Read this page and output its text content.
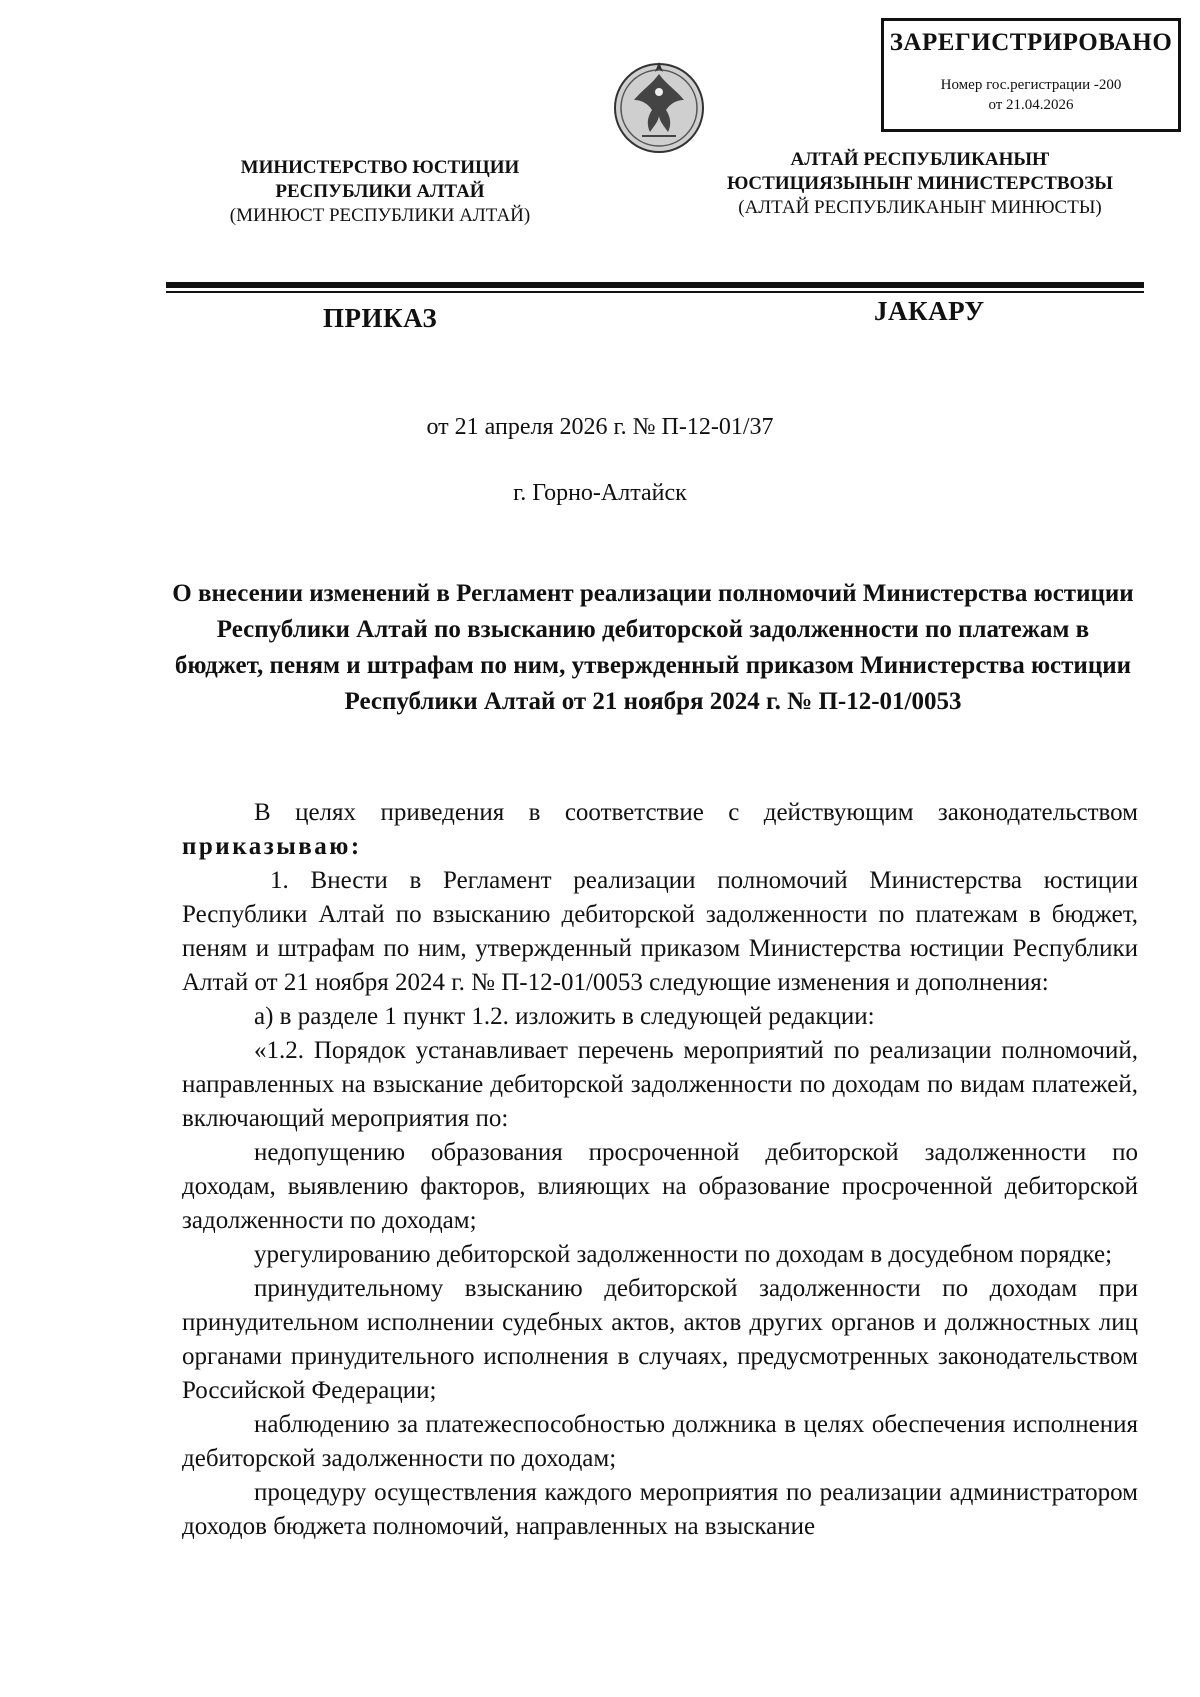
ЗАРЕГИСТРИРОВАНО
Номер гос.регистрации -200
от 21.04.2026
МИНИСТЕРСТВО ЮСТИЦИИ
РЕСПУБЛИКИ АЛТАЙ
(МИНЮСТ РЕСПУБЛИКИ АЛТАЙ)
АЛТАЙ РЕСПУБЛИКАНЫҤ
ЮСТИЦИЯЗЫНЫҤ МИНИСТЕРСТВОЗЫ
(АЛТАЙ РЕСПУБЛИКАНЫҤ МИНЮСТЫ)
ПРИКАЗ	ЈАКАРУ
от 21 апреля 2026 г. № П-12-01/37
г. Горно-Алтайск

О внесении изменений в Регламент реализации полномочий Министерства юстиции Республики Алтай по взысканию дебиторской задолженности по платежам в бюджет, пеням и штрафам по ним, утвержденный приказом Министерства юстиции Республики Алтай от 21 ноября 2024 г. № П-12-01/0053

В целях приведения в соответствие с действующим законодательством приказываю:

1. Внести в Регламент реализации полномочий Министерства юстиции Республики Алтай по взысканию дебиторской задолженности по платежам в бюджет, пеням и штрафам по ним, утвержденный приказом Министерства юстиции Республики Алтай от 21 ноября 2024 г. № П-12-01/0053 следующие изменения и дополнения:

а) в разделе 1 пункт 1.2. изложить в следующей редакции:

«1.2. Порядок устанавливает перечень мероприятий по реализации полномочий, направленных на взыскание дебиторской задолженности по доходам по видам платежей, включающий мероприятия по:

недопущению образования просроченной дебиторской задолженности по доходам, выявлению факторов, влияющих на образование просроченной дебиторской задолженности по доходам;

урегулированию дебиторской задолженности по доходам в досудебном порядке;

принудительному взысканию дебиторской задолженности по доходам при принудительном исполнении судебных актов, актов других органов и должностных лиц органами принудительного исполнения в случаях, предусмотренных законодательством Российской Федерации;

наблюдению за платежеспособностью должника в целях обеспечения исполнения дебиторской задолженности по доходам;

процедуру осуществления каждого мероприятия по реализации администратором доходов бюджета полномочий, направленных на взыскание
